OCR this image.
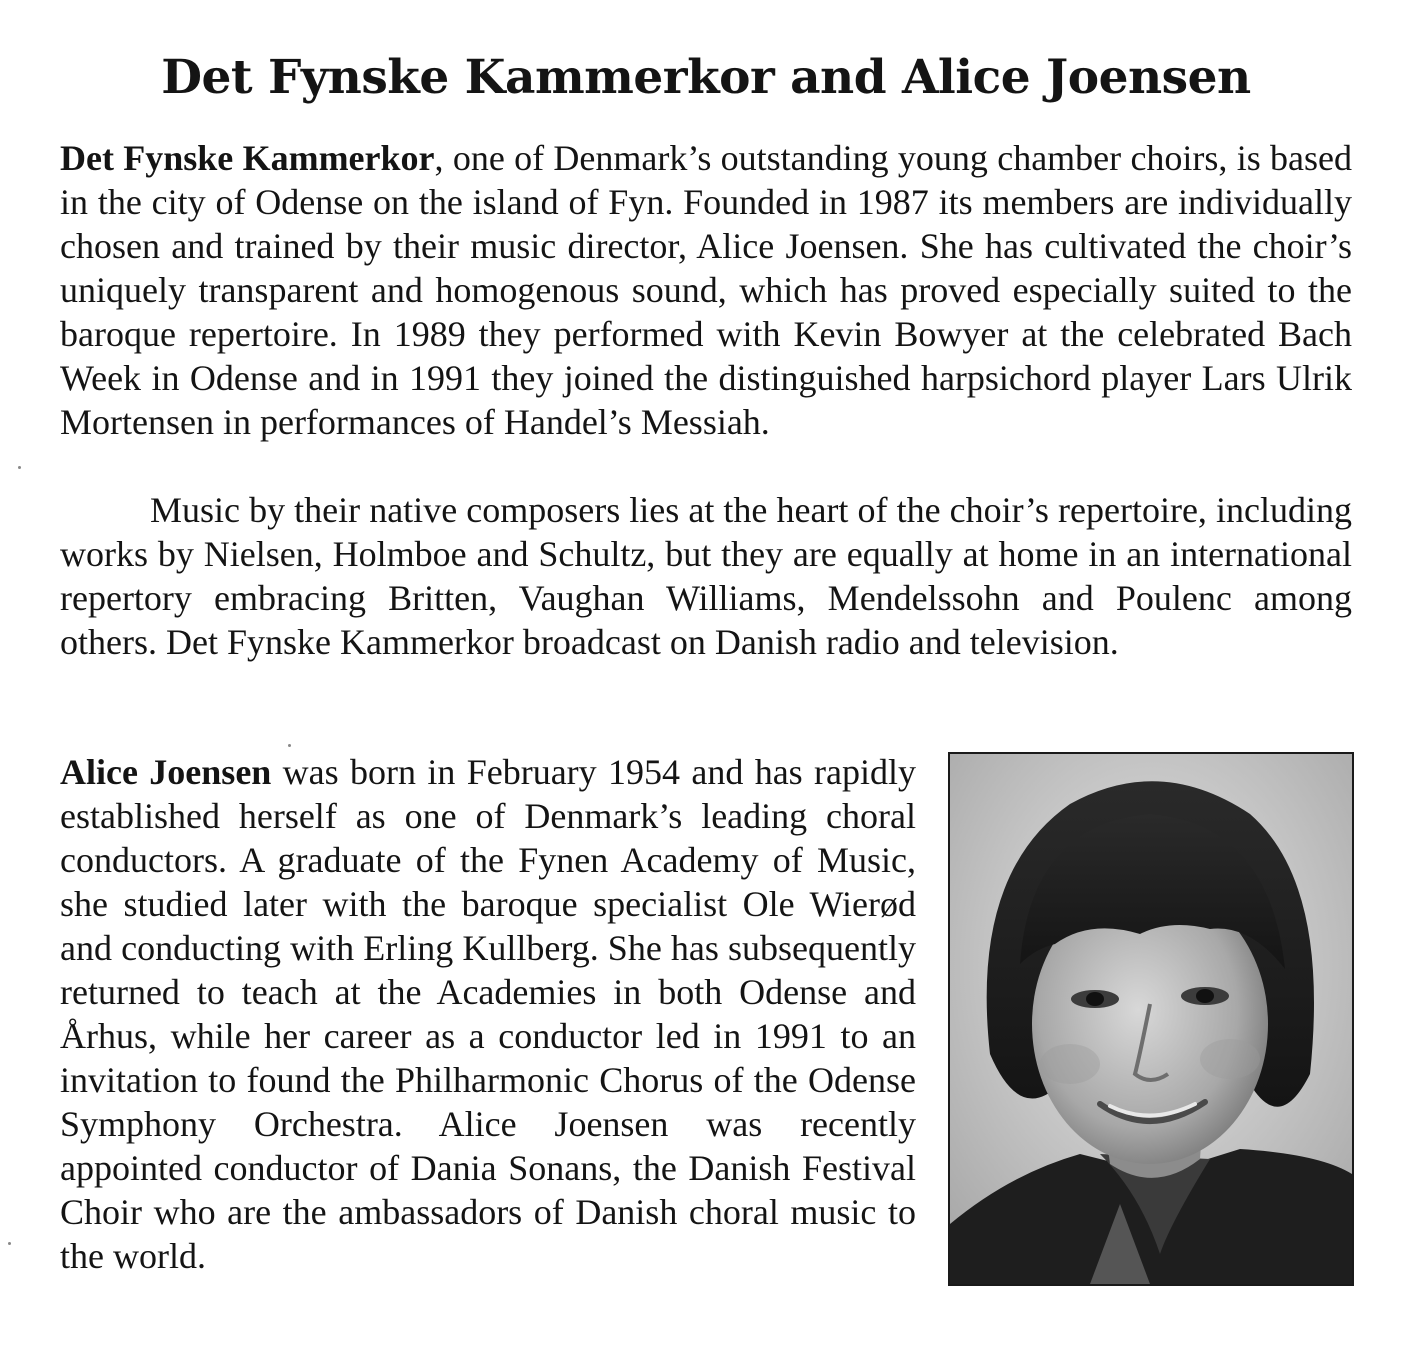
Det Fynske Kammerkor and Alice Joensen

Det Fynske Kammerkor, one of Denmark’s outstanding young chamber choirs, is based in the city of Odense on the island of Fyn. Founded in 1987 its members are individually chosen and trained by their music director, Alice Joensen. She has cultivated the choir’s uniquely transparent and homogenous sound, which has proved especially suited to the baroque repertoire. In 1989 they performed with Kevin Bowyer at the celebrated Bach Week in Odense and in 1991 they joined the distinguished harpsichord player Lars Ulrik Mortensen in performances of Handel’s Messiah.

Music by their native composers lies at the heart of the choir’s repertoire, including works by Nielsen, Holmboe and Schultz, but they are equally at home in an international repertory embracing Britten, Vaughan Williams, Mendelssohn and Poulenc among others. Det Fynske Kammerkor broadcast on Danish radio and television.

Alice Joensen was born in February 1954 and has rapidly established herself as one of Denmark’s leading choral conductors. A graduate of the Fynen Academy of Music, she studied later with the baroque specialist Ole Wierød and conducting with Erling Kullberg. She has subsequently returned to teach at the Academies in both Odense and Århus, while her career as a conductor led in 1991 to an invitation to found the Philharmonic Chorus of the Odense Symphony Orchestra. Alice Joensen was recently appointed conductor of Dania Sonans, the Danish Festival Choir who are the ambassadors of Danish choral music to the world.
